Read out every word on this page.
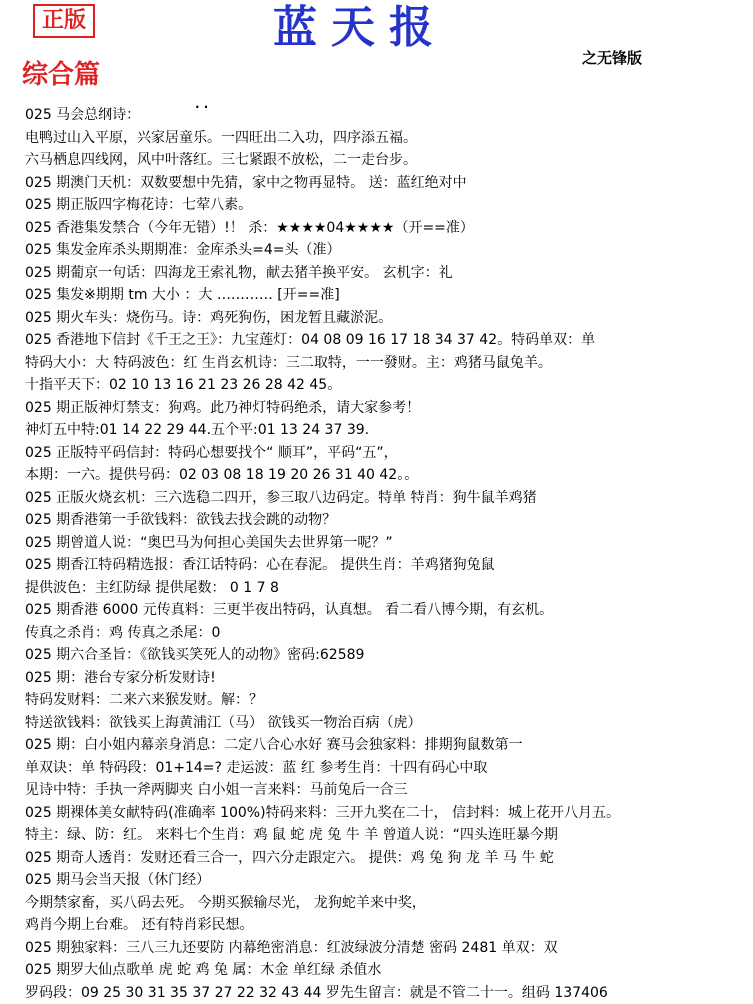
正版	蓝天报
之无锋版
综合篇
. .
025 马会总纲诗：
电鸭过山入平原，兴家居童乐。一四旺出二入功，四序添五福。
六马栖息四线网，风中叶落红。三七紧跟不放松，二一走台步。
025 期澳门天机：双数要想中先猜，家中之物再显特。 送：蓝红绝对中
025 期正版四字梅花诗：七荤八素。
025 香港集发禁合（今年无错）!！ 杀：★★★★04★★★★（开==准）
025 集发金库杀头期期准：金库杀头=4=头（准）
025 期葡京一句话：四海龙王索礼物，献去猪羊换平安。 玄机字：礼
025 集发※期期 tm 大小 ：大 ………… [开==准]
025 期火车头：烧伤马。诗：鸡死狗伤，困龙暂且藏淤泥。
025 香港地下信封《千王之王》：九宝莲灯：04 08 09 16 17 18 34 37 42。特码单双：单
特码大小：大 特码波色：红 生肖玄机诗：三二取特，一一發财。主：鸡猪马鼠兔羊。
十指平天下：02 10 13 16 21 23 26 28 42 45。
025 期正版神灯禁支：狗鸡。此乃神灯特码绝杀，请大家参考！
神灯五中特:01 14 22 29 44.五个平:01 13 24 37 39.
025 正版特平码信封：特码心想要找个“ 顺耳”，平码“五”，
本期：一六。提供号码：02 03 08 18 19 20 26 31 40 42。。
025 正版火烧玄机：三六选稳二四开，参三取八边码定。特单 特肖：狗牛鼠羊鸡猪
025 期香港第一手欲钱料：欲钱去找会跳的动物？
025 期曾道人说：“奥巴马为何担心美国失去世界第一呢？”
025 期香江特码精选报：香江话特码：心在春泥。 提供生肖：羊鸡猪狗兔鼠
提供波色：主红防绿 提供尾数： 0 1 7 8
025 期香港 6000 元传真料：三更半夜出特码，认真想。 看二看八博今期，有玄机。
传真之杀肖：鸡 传真之杀尾：0
025 期六合圣旨：《欲钱买笑死人的动物》密码:62589
025 期：港台专家分析发财诗!
特码发财料：二来六来猴发财。解：？
特送欲钱料：欲钱买上海黄浦江（马） 欲钱买一物治百病（虎）
025 期：白小姐内幕亲身消息：二定八合心水好 赛马会独家料：排期狗鼠数第一
单双诀：单 特码段：01+14=? 走运波：蓝 红 参考生肖：十四有码心中取
见诗中特：手执一斧两脚夹 白小姐一言来料：马前兔后一合三
025 期裸体美女献特码(准确率 100%)特码来料：三开九奖在二十， 信封料：城上花开八月五。
特主：绿、防：红。 来料七个生肖：鸡 鼠 蛇 虎 兔 牛 羊 曾道人说：“四头连旺暴今期
025 期奇人透肖：发财还看三合一，四六分走跟定六。 提供：鸡 兔 狗 龙 羊 马 牛 蛇
025 期马会当天报（休门经）
今期禁家畜，买八码去死。 今期买猴输尽光， 龙狗蛇羊来中奖，
鸡肖今期上台难。 还有特肖彩民想。
025 期独家料：三八三九还要防 内幕绝密消息：红波绿波分清楚 密码 2481 单双：双
025 期罗大仙点歌单 虎 蛇 鸡 兔 属：木金 单红绿 杀值水
罗码段：09 25 30 31 35 37 27 22 32 43 44 罗先生留言：就是不管二十一。组码 137406
